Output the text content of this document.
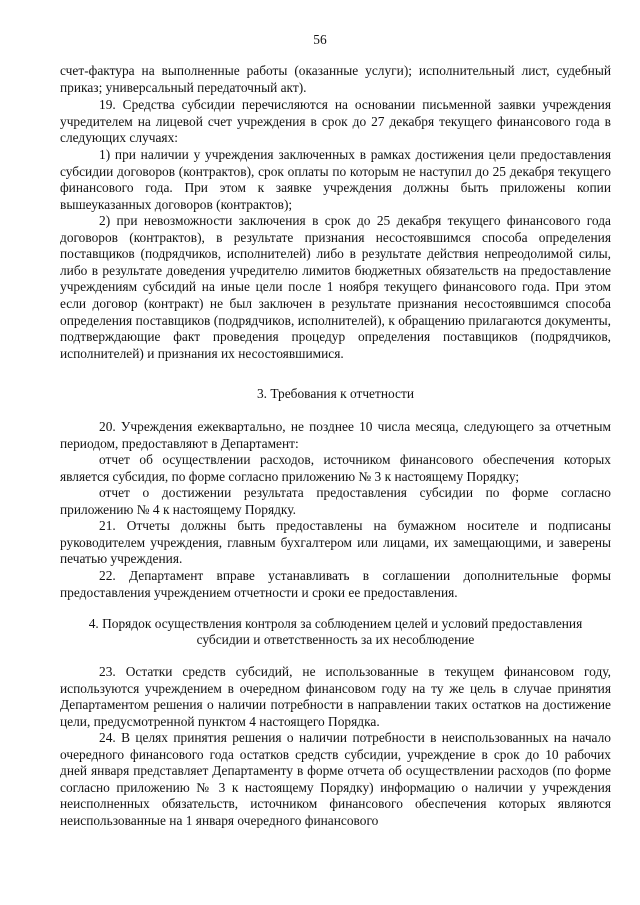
56

счет-фактура на выполненные работы (оказанные услуги); исполнительный лист, судебный приказ; универсальный передаточный акт).

19. Средства субсидии перечисляются на основании письменной заявки учреждения учредителем на лицевой счет учреждения в срок до 27 декабря текущего финансового года в следующих случаях:

1) при наличии у учреждения заключенных в рамках достижения цели предоставления субсидии договоров (контрактов), срок оплаты по которым не наступил до 25 декабря текущего финансового года. При этом к заявке учреждения должны быть приложены копии вышеуказанных договоров (контрактов);

2) при невозможности заключения в срок до 25 декабря текущего финансового года договоров (контрактов), в результате признания несостоявшимся способа определения поставщиков (подрядчиков, исполнителей) либо в результате действия непреодолимой силы, либо в результате доведения учредителю лимитов бюджетных обязательств на предоставление учреждениям субсидий на иные цели после 1 ноября текущего финансового года. При этом если договор (контракт) не был заключен в результате признания несостоявшимся способа определения поставщиков (подрядчиков, исполнителей), к обращению прилагаются документы, подтверждающие факт проведения процедур определения поставщиков (подрядчиков, исполнителей) и признания их несостоявшимися.

3. Требования к отчетности

20. Учреждения ежеквартально, не позднее 10 числа месяца, следующего за отчетным периодом, предоставляют в Департамент:

отчет об осуществлении расходов, источником финансового обеспечения которых является субсидия, по форме согласно приложению № 3 к настоящему Порядку;

отчет о достижении результата предоставления субсидии по форме согласно приложению № 4 к настоящему Порядку.

21. Отчеты должны быть предоставлены на бумажном носителе и подписаны руководителем учреждения, главным бухгалтером или лицами, их замещающими, и заверены печатью учреждения.

22. Департамент вправе устанавливать в соглашении дополнительные формы предоставления учреждением отчетности и сроки ее предоставления.

4. Порядок осуществления контроля за соблюдением целей и условий предоставления

субсидии и ответственность за их несоблюдение

23. Остатки средств субсидий, не использованные в текущем финансовом году, используются учреждением в очередном финансовом году на ту же цель в случае принятия Департаментом решения о наличии потребности в направлении таких остатков на достижение цели, предусмотренной пунктом 4 настоящего Порядка.

24. В целях принятия решения о наличии потребности в неиспользованных на начало очередного финансового года остатков средств субсидии, учреждение в срок до 10 рабочих дней января представляет Департаменту в форме отчета об осуществлении расходов (по форме согласно приложению № 3 к настоящему Порядку) информацию о наличии у учреждения неисполненных обязательств, источником финансового обеспечения которых являются неиспользованные на 1 января очередного финансового
